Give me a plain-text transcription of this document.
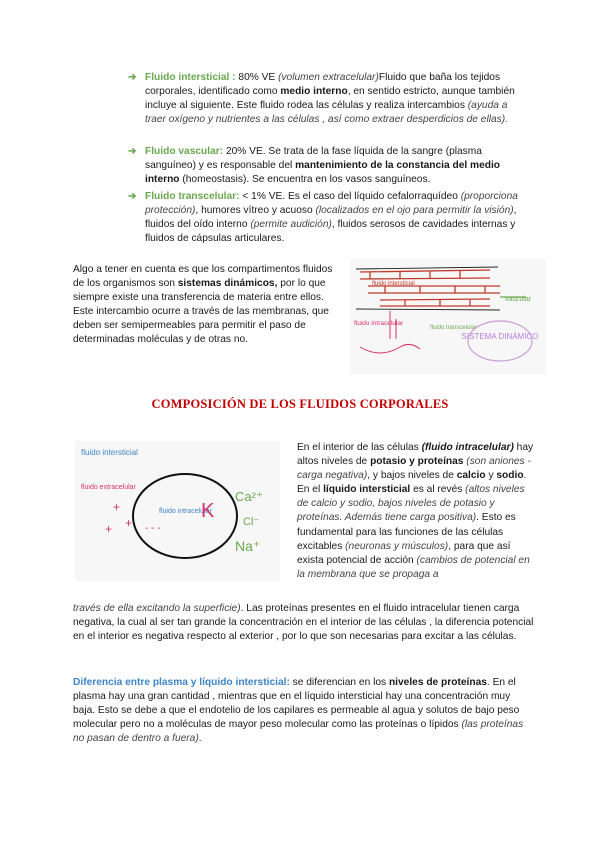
➔ Fluido intersticial : 80% VE (volumen extracelular)Fluido que baña los tejidos corporales, identificado como medio interno, en sentido estricto, aunque también incluye al siguiente. Este fluido rodea las células y realiza intercambios (ayuda a traer oxígeno y nutrientes a las células , así como extraer desperdicios de ellas).

➔ Fluido vascular: 20% VE. Se trata de la fase líquida de la sangre (plasma sanguíneo) y es responsable del mantenimiento de la constancia del medio interno (homeostasis). Se encuentra en los vasos sanguíneos.

➔ Fluido transcelular: < 1% VE. Es el caso del líquido cefalorraquídeo (proporciona protección), humores vítreo y acuoso (localizados en el ojo para permitir la visión), fluidos del oído interno (permite audición), fluidos serosos de cavidades internas y fluidos de cápsulas articulares.

Algo a tener en cuenta es que los compartimentos fluidos de los organismos son sistemas dinámicos, por lo que siempre existe una transferencia de materia entre ellos. Este intercambio ocurre a través de las membranas, que deben ser semipermeables para permitir el paso de determinadas moléculas y de otras no.
vascular
fluido intersticial
fluido intracelular
fluido transcelular
SISTEMA DINÁMICO
COMPOSICIÓN DE LOS FLUIDOS CORPORALES
fluido intersticial
fluido extracelular
+
+
+
fluido intracelular
K
- - -
Ca²⁺
Cl⁻
Na⁺
En el interior de las células (fluido intracelular) hay altos niveles de potasio y proteínas (son aniones - carga negativa), y bajos niveles de calcio y sodio. En el líquido intersticial es al revés (altos niveles de calcio y sodio, bajos niveles de potasio y proteínas. Además tiene carga positiva). Esto es fundamental para las funciones de las células excitables (neuronas y músculos), para que así exista potencial de acción (cambios de potencial en la membrana que se propaga a
través de ella excitando la superficie). Las proteínas presentes en el fluido intracelular tienen carga negativa, la cual al ser tan grande la concentración en el interior de las células , la diferencia potencial en el interior es negativa respecto al exterior , por lo que son necesarias para excitar a las células.
Diferencia entre plasma y líquido intersticial: se diferencian en los niveles de proteínas. En el plasma hay una gran cantidad , mientras que en el líquido intersticial hay una concentración muy baja. Esto se debe a que el endotelio de los capilares es permeable al agua y solutos de bajo peso molecular pero no a moléculas de mayor peso molecular como las proteínas o lípidos (las proteínas no pasan de dentro a fuera).
